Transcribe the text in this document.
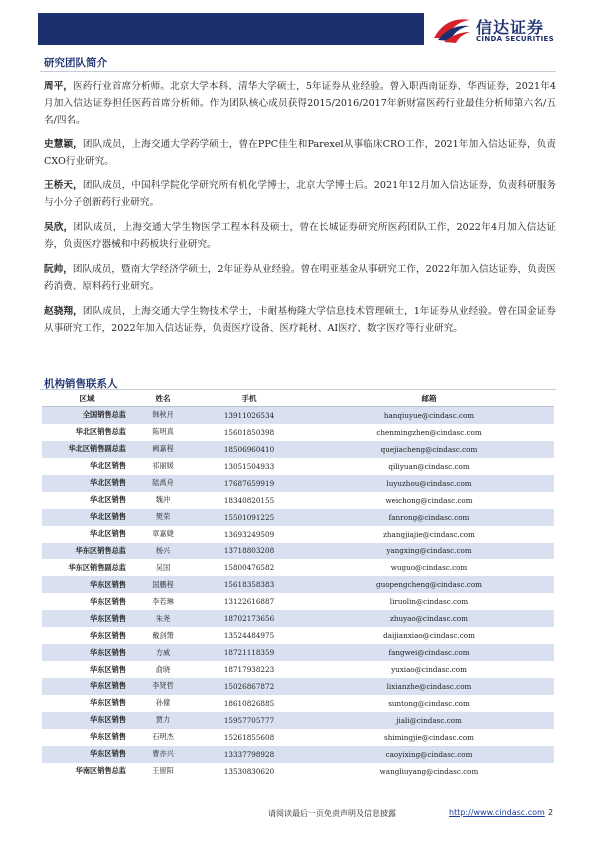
信达证券
CINDA SECURITIES
研究团队简介
周平，医药行业首席分析师。北京大学本科、清华大学硕士，5年证券从业经验。曾入职西南证券、华西证券，2021年4月加入信达证券担任医药首席分析师。作为团队核心成员获得2015/2016/2017年新财富医药行业最佳分析师第六名/五名/四名。
史慧颖，团队成员，上海交通大学药学硕士，曾在PPC佳生和Parexel从事临床CRO工作，2021年加入信达证券，负责CXO行业研究。
王桥天，团队成员，中国科学院化学研究所有机化学博士，北京大学博士后。2021年12月加入信达证券，负责科研服务与小分子创新药行业研究。
吴欣，团队成员，上海交通大学生物医学工程本科及硕士，曾在长城证券研究所医药团队工作，2022年4月加入信达证券，负责医疗器械和中药板块行业研究。
阮帅，团队成员，暨南大学经济学硕士，2年证券从业经验。曾在明亚基金从事研究工作，2022年加入信达证券，负责医药消费、原料药行业研究。
赵骁翔，团队成员，上海交通大学生物技术学士，卡耐基梅隆大学信息技术管理硕士，1年证券从业经验。曾在国金证券从事研究工作，2022年加入信达证券，负责医疗设备、医疗耗材、AI医疗、数字医疗等行业研究。
机构销售联系人
区域	姓名	手机	邮箱
全国销售总监	韩秋月	13911026534	hanqiuyue@cindasc.com
华北区销售总监	陈明真	15601850398	chenmingzhen@cindasc.com
华北区销售副总监	阙嘉程	18506960410	quejiacheng@cindasc.com
华北区销售	祁丽媛	13051504933	qiliyuan@cindasc.com
华北区销售	陆禹舟	17687659919	luyuzhou@cindasc.com
华北区销售	魏冲	18340820155	weichong@cindasc.com
华北区销售	樊荣	15501091225	fanrong@cindasc.com
华北区销售	章嘉婕	13693249509	zhangjiajie@cindasc.com
华东区销售总监	杨兴	13718803208	yangxing@cindasc.com
华东区销售副总监	吴国	15800476582	wuguo@cindasc.com
华东区销售	国鹏程	15618358383	guopengcheng@cindasc.com
华东区销售	李若琳	13122616887	liruolin@cindasc.com
华东区销售	朱尧	18702173656	zhuyao@cindasc.com
华东区销售	戴剑箫	13524484975	daijianxiao@cindasc.com
华东区销售	方威	18721118359	fangwei@cindasc.com
华东区销售	俞晓	18717938223	yuxiao@cindasc.com
华东区销售	李贤哲	15026867872	lixianzhe@cindasc.com
华东区销售	孙僮	18610826885	suntong@cindasc.com
华东区销售	贾力	15957705777	jiali@cindasc.com
华东区销售	石明杰	15261855608	shimingjie@cindasc.com
华东区销售	曹亦兴	13337798928	caoyixing@cindasc.com
华南区销售总监	王留阳	13530830620	wangliuyang@cindasc.com
请阅读最后一页免责声明及信息披露	http://www.cindasc.com 2
